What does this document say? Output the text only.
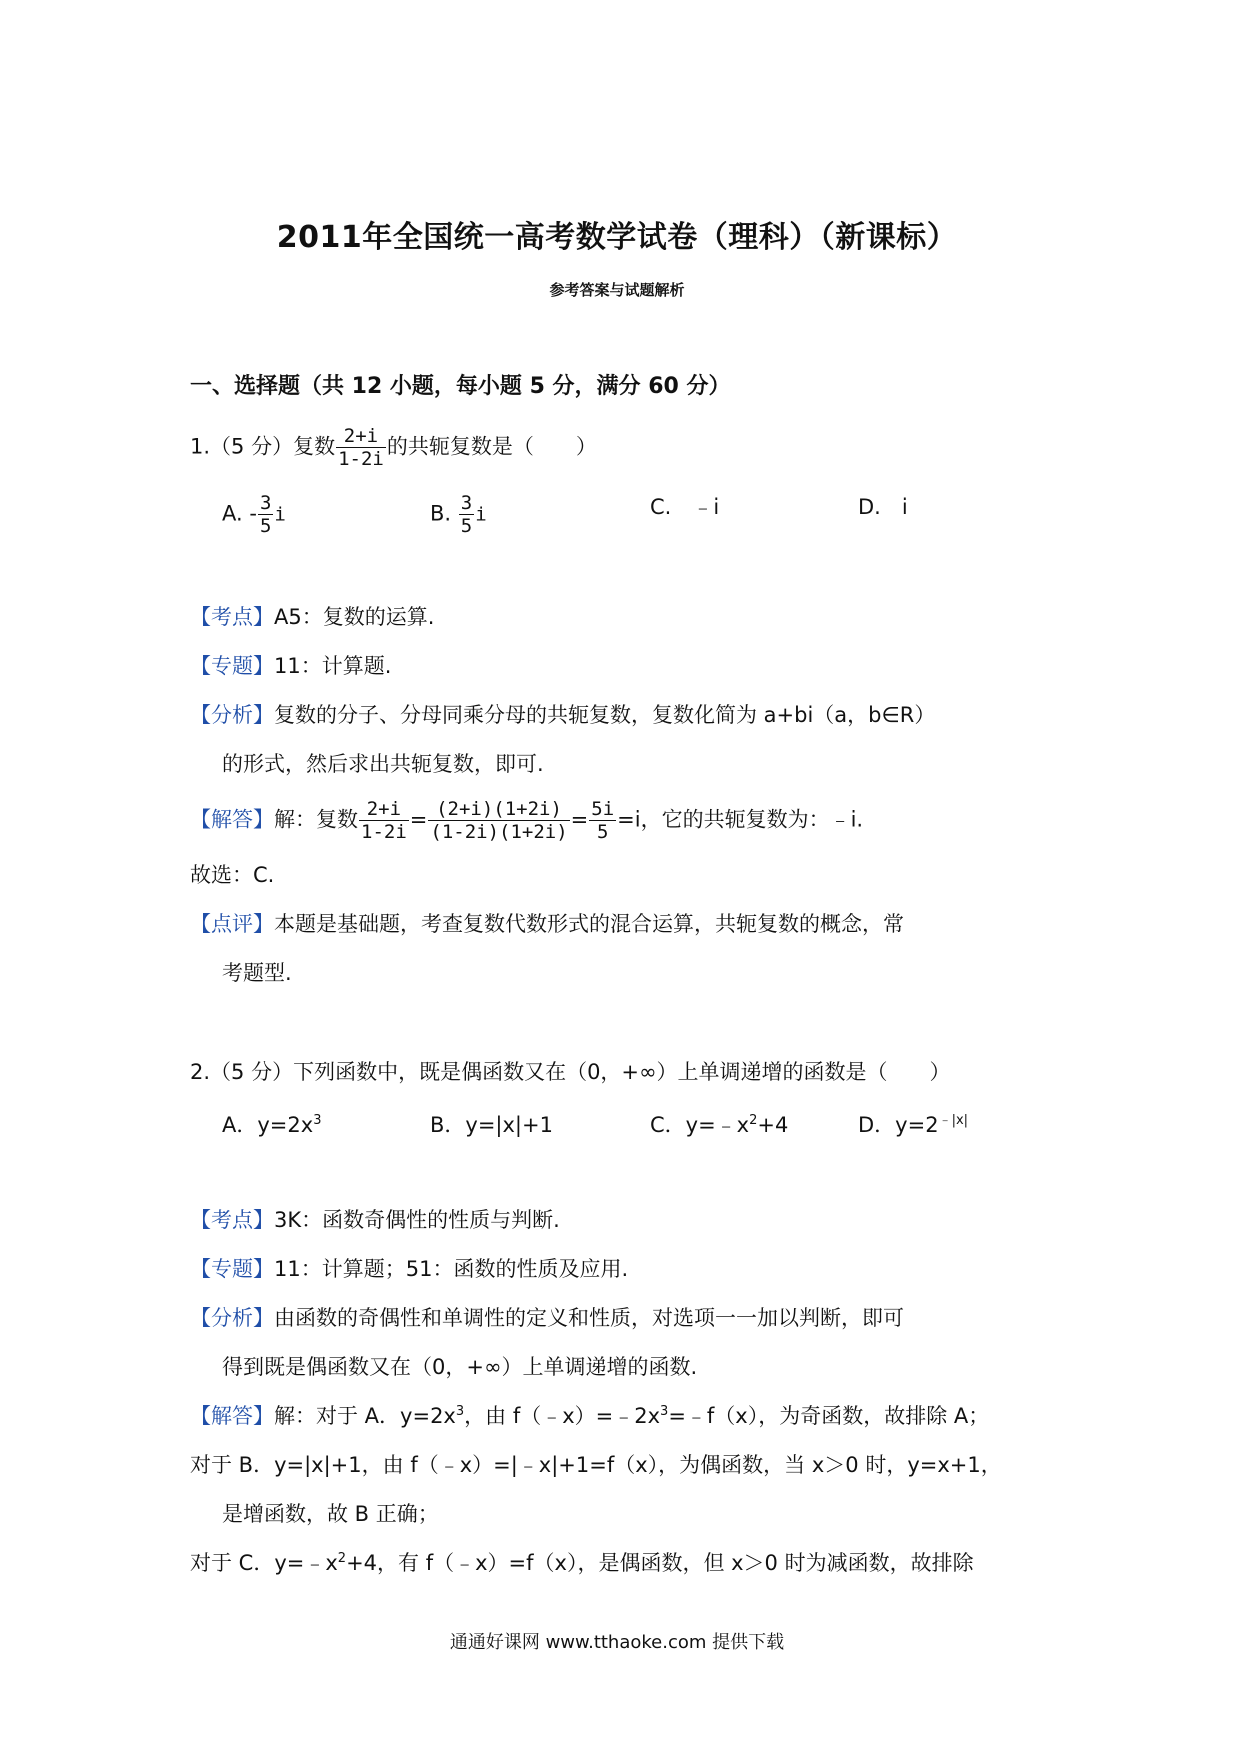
2011年全国统一高考数学试卷（理科）（新课标）
参考答案与试题解析
一、选择题（共 12 小题，每小题 5 分，满分 60 分）
1.（5 分）复数 $\frac{2+i}{1-2i}$ 的共轭复数是（　　）
A. - $\frac{3}{5}$ i	B. $\frac{3}{5}$ i	C.　﹣i	D.　i
【考点】A5：复数的运算.
【专题】11：计算题.
【分析】复数的分子、分母同乘分母的共轭复数，复数化简为 a+bi（a，b∈R）
的形式，然后求出共轭复数，即可.
【解答】解：复数 $\frac{2+i}{1-2i} = \frac{(2+i)(1+2i)}{(1-2i)(1+2i)} = \frac{5i}{5} =i$，它的共轭复数为：﹣i.
故选：C.
【点评】本题是基础题，考查复数代数形式的混合运算，共轭复数的概念，常
考题型.
2.（5 分）下列函数中，既是偶函数又在（0，+∞）上单调递增的函数是（　　）
A．$y=2x^3$	B．y=|x|+1	C．$y=﹣x^2+4$	D．$y=2^{﹣|x|}$
【考点】3K：函数奇偶性的性质与判断.
【专题】11：计算题；51：函数的性质及应用.
【分析】由函数的奇偶性和单调性的定义和性质，对选项一一加以判断，即可
得到既是偶函数又在（0，+∞）上单调递增的函数.
【解答】解：对于 A．$y=2x^3$，由 $f(﹣x)=﹣2x^3=﹣f(x)$，为奇函数，故排除 A；
对于 B．y=|x|+1，由 f（﹣x）=|﹣x|+1=f（x），为偶函数，当 x＞0 时，y=x+1，
是增函数，故 B 正确；
对于 C．$y=﹣x^2+4$，有 f（﹣x）=f（x），是偶函数，但 x＞0 时为减函数，故排除
通通好课网 www.tthaoke.com 提供下载
